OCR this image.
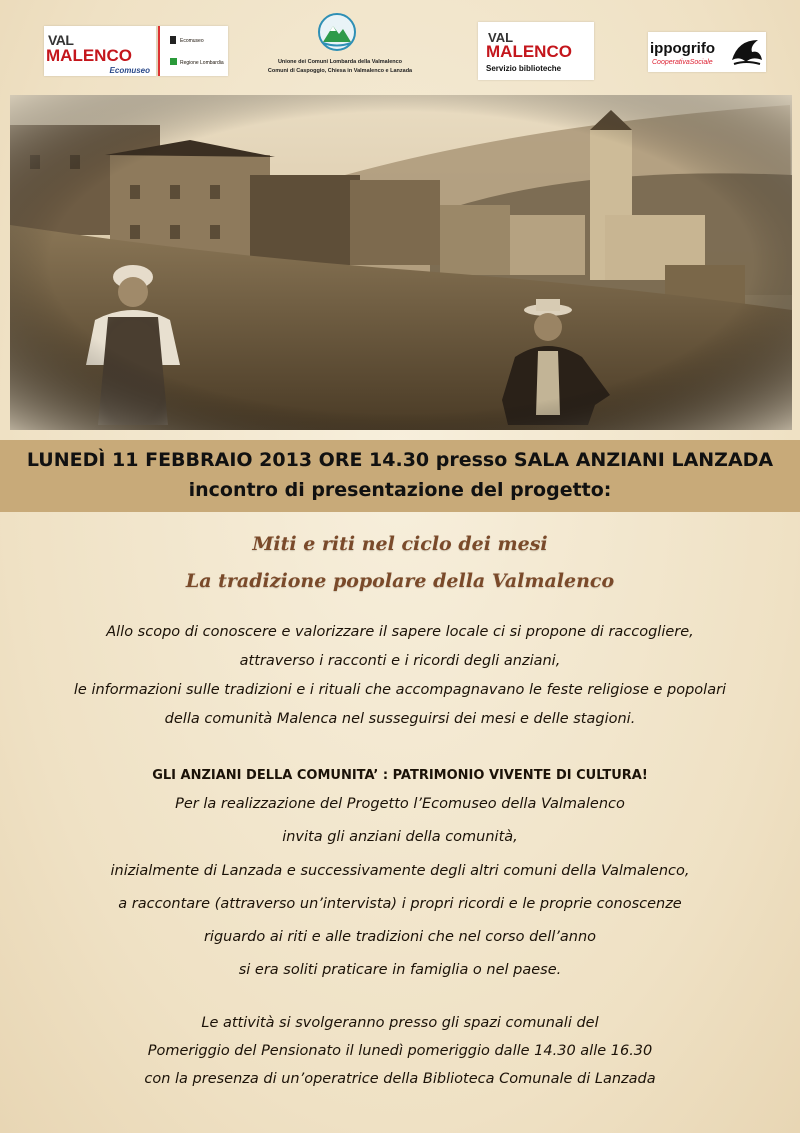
VAL
MALENCO
Ecomuseo
Ecomuseo
Regione Lombardia	Unione dei Comuni Lombarda della Valmalenco
Comuni di Caspoggio, Chiesa in Valmalenco e Lanzada
VAL
MALENCO
Servizio biblioteche
ippogrifo
CooperativaSociale
LUNEDÌ 11 FEBBRAIO 2013 ORE 14.30 presso SALA ANZIANI LANZADA
incontro di presentazione del progetto:
Miti e riti nel ciclo dei mesi
La tradizione popolare della Valmalenco
Allo scopo di conoscere e valorizzare il sapere locale ci si propone di raccogliere,
attraverso i racconti e i ricordi degli anziani,
le informazioni sulle tradizioni e i rituali che accompagnavano le feste religiose e popolari
della comunità Malenca nel susseguirsi dei mesi e delle stagioni.
GLI ANZIANI DELLA COMUNITA’ : PATRIMONIO VIVENTE DI CULTURA!
Per la realizzazione del Progetto l’Ecomuseo della Valmalenco
invita gli anziani della comunità,
inizialmente di Lanzada e successivamente degli altri comuni della Valmalenco,
a raccontare (attraverso un’intervista) i propri ricordi e le proprie conoscenze
riguardo ai riti e alle tradizioni che nel corso dell’anno
si era soliti praticare in famiglia o nel paese.
Le attività si svolgeranno presso gli spazi comunali del
Pomeriggio del Pensionato il lunedì pomeriggio dalle 14.30 alle 16.30
con la presenza di un’operatrice della Biblioteca Comunale di Lanzada
